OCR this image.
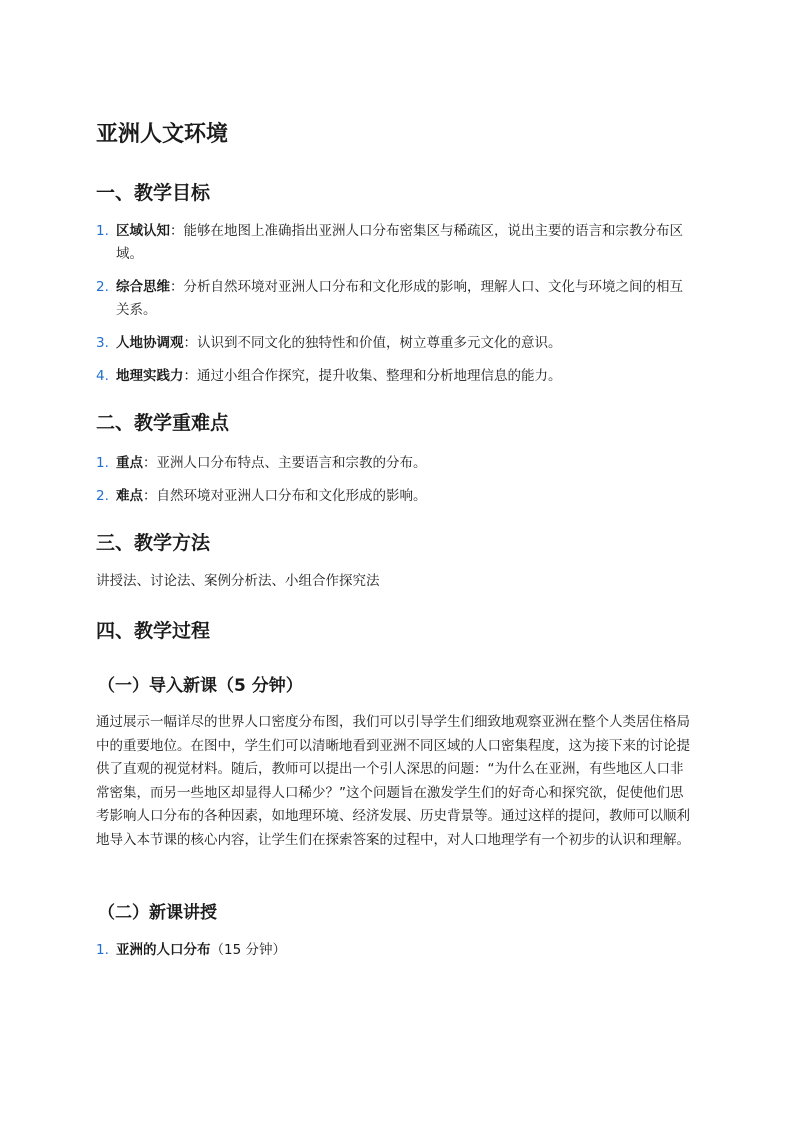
亚洲人文环境
一、教学目标
1. 区域认知：能够在地图上准确指出亚洲人口分布密集区与稀疏区，说出主要的语言和宗教分布区域。
2. 综合思维：分析自然环境对亚洲人口分布和文化形成的影响，理解人口、文化与环境之间的相互关系。
3. 人地协调观：认识到不同文化的独特性和价值，树立尊重多元文化的意识。
4. 地理实践力：通过小组合作探究，提升收集、整理和分析地理信息的能力。
二、教学重难点
1. 重点：亚洲人口分布特点、主要语言和宗教的分布。
2. 难点：自然环境对亚洲人口分布和文化形成的影响。
三、教学方法

讲授法、讨论法、案例分析法、小组合作探究法

四、教学过程
（一）导入新课（5 分钟）

通过展示一幅详尽的世界人口密度分布图，我们可以引导学生们细致地观察亚洲在整个人类居住格局中的重要地位。在图中，学生们可以清晰地看到亚洲不同区域的人口密集程度，这为接下来的讨论提供了直观的视觉材料。随后，教师可以提出一个引人深思的问题：“为什么在亚洲，有些地区人口非常密集，而另一些地区却显得人口稀少？”这个问题旨在激发学生们的好奇心和探究欲，促使他们思考影响人口分布的各种因素，如地理环境、经济发展、历史背景等。通过这样的提问，教师可以顺利地导入本节课的核心内容，让学生们在探索答案的过程中，对人口地理学有一个初步的认识和理解。

（二）新课讲授
1. 亚洲的人口分布（15 分钟）
